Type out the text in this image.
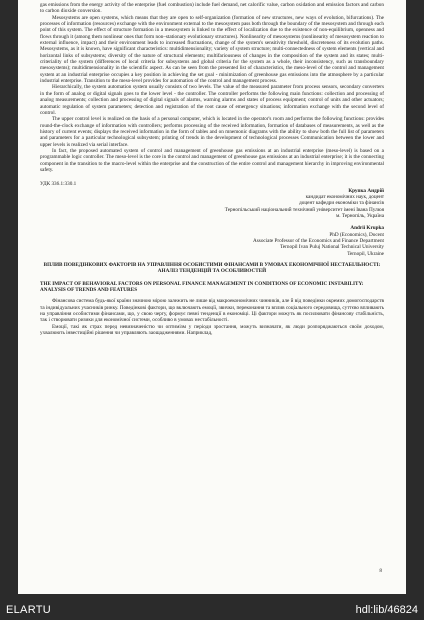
gas emissions from the energy activity of the enterprise (fuel combustion) include fuel demand, net calorific value, carbon oxidation and emission factors and carbon to carbon dioxide conversion.

Mesosystems are open systems, which means that they are open to self-organization (formation of new structures, new ways of evolution, bifurcations). The processes of information (resources) exchange with the environment external to the mesosystem pass both through the boundary of the mesosystem and through each point of this system. The effect of structure formation in a mesosystem is linked to the effect of localization due to the existence of non-equilibrium, openness and flows through it (among them nonlinear ones that form non–stationary evolutionary structures). Nonlinearity of mesosystems (nonlinearity of mesosystem reaction to external influence, impact) and their environment leads to increased fluctuations, change of the system's sensitivity threshold, discreteness of its evolution paths. Mesosystems, as it is known, have significant characteristics: multidimensionality; variety of system structure; multi-connectedness of system elements (vertical and horizontal links of subsystems; diversity of the nature of structural elements; multifariousness of changes in the composition of the system and its states; multi-criteriality of the system (differences of local criteria for subsystems and global criteria for the system as a whole, their inconsistency, such as transboundary mesosystems); multidimensionality in the scientific aspect. As can be seen from the presented list of characteristics, the meso-level of the control and management system at an industrial enterprise occupies a key position in achieving the set goal - minimization of greenhouse gas emissions into the atmosphere by a particular industrial enterprise. Transition to the meso-level provides for automation of the control and management process.

Hierarchically, the system automation system usually consists of two levels. The value of the measured parameter from process sensors, secondary converters in the form of analog or digital signals goes to the lower level - the controller. The controller performs the following main functions: collection and processing of analog measurements; collection and processing of digital signals of alarms, warning alarms and states of process equipment; control of units and other actuators; automatic regulation of system parameters; detection and registration of the root cause of emergency situations; information exchange with the second level of control.

The upper control level is realized on the basis of a personal computer, which is located in the operator's room and performs the following functions: provides round-the-clock exchange of information with controllers; performs processing of the received information, formation of databases of measurements, as well as the history of current events; displays the received information in the form of tables and on mnemonic diagrams with the ability to show both the full list of parameters and parameters for a particular technological subsystem; printing of trends in the development of technological processes Communication between the lower and upper levels is realized via serial interface.

In fact, the proposed automated system of control and management of greenhouse gas emissions at an industrial enterprise (meso-level) is based on a programmable logic controller. The meso-level is the core in the control and management of greenhouse gas emissions at an industrial enterprise; it is the connecting component in the transition to the macro-level within the enterprise and the construction of the entire control and management hierarchy in improving environmental safety.

УДК 336.1:330.1

Крупка Андрій

кандидат економічних наук, доцент

доцент кафедри економіки та фінансів

Тернопільський національний технічний університет імені Івана Пулюя

м. Тернопіль, Україна

Andrii Krupka

PhD (Economics), Docent

Associate Professor of the Economics and Finance Department

Ternopil Ivan Puluj National Technical University

Ternopil, Ukraine

ВПЛИВ ПОВЕДІНКОВИХ ФАКТОРІВ НА УПРАВЛІННЯ ОСОБИСТИМИ ФІНАНСАМИ В УМОВАХ ЕКОНОМІЧНОЇ НЕСТАБІЛЬНОСТІ: АНАЛІЗ ТЕНДЕНЦІЙ ТА ОСОБЛИВОСТЕЙ

THE IMPACT OF BEHAVIORAL FACTORS ON PERSONAL FINANCE MANAGEMENT IN CONDITIONS OF ECONOMIC INSTABILITY: ANALYSIS OF TRENDS AND FEATURES

Фінансова система будь-якої країни значною мірою залежить не лише від макроекономічних чинників, але й від поведінки окремих домогосподарств та індивідуальних учасників ринку. Поведінкові фактори, що включають емоції, звички, переконання та вплив соціального середовища, суттєво впливають на управління особистими фінансами, що, у свою чергу, формує певні тенденції в економіці. Ці фактори можуть як посилювати фінансову стабільність, так і створювати ризики для економічної системи, особливо в умовах нестабільності.

Емоції, такі як страх перед невизначеністю чи оптимізм у періоди зростання, можуть визначати, як люди розпоряджаються своїм доходом, ухвалюють інвестиційні рішення чи управляють заощадженнями. Наприклад,

8
ELARTU	hdl:lib/46824
